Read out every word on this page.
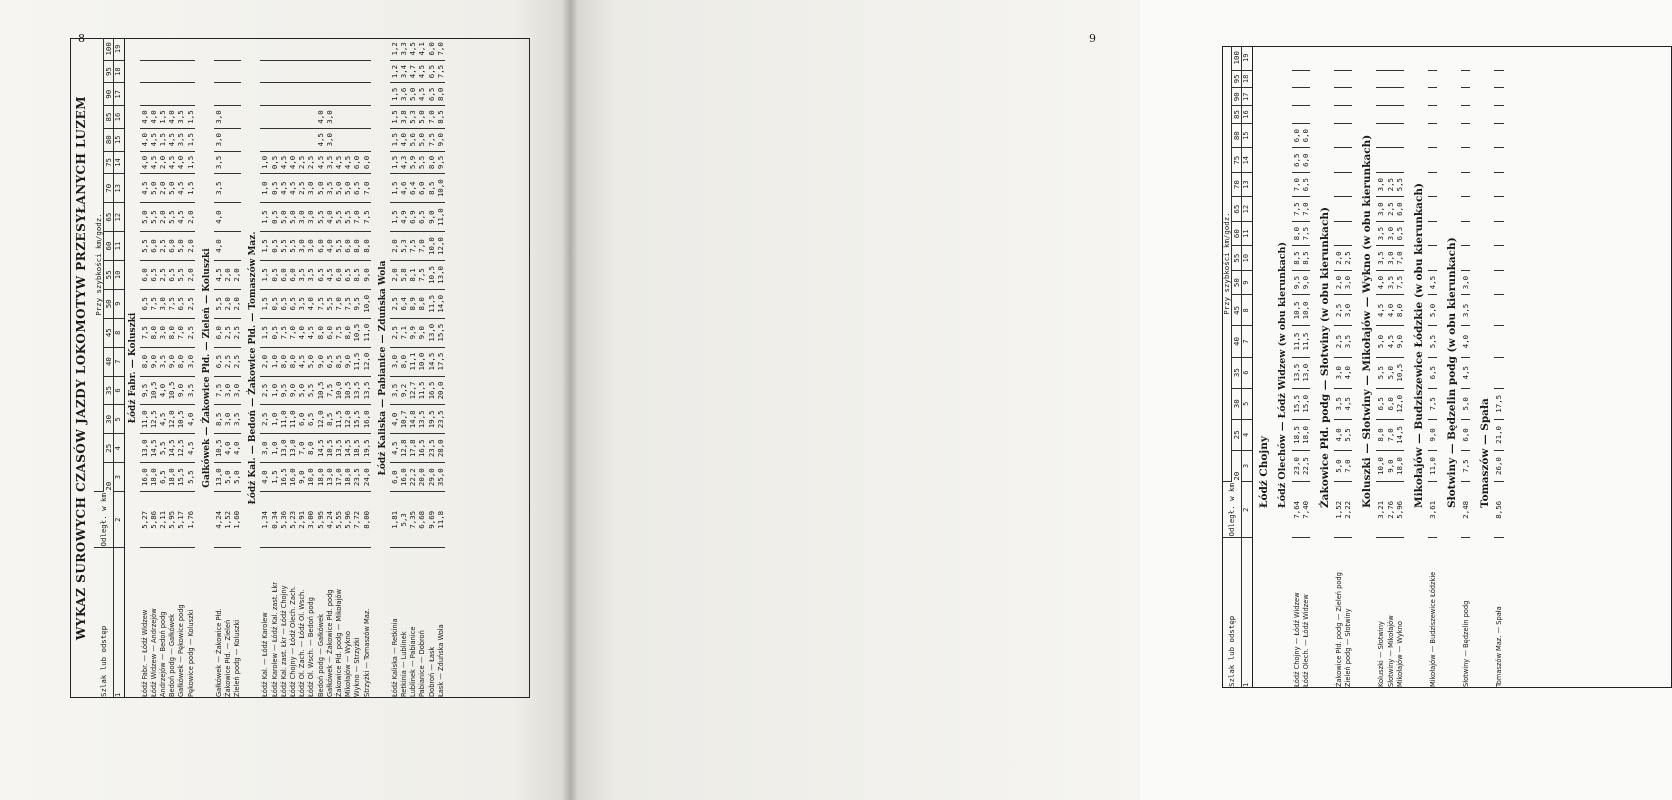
8
WYKAZ SUROWYCH CZASÓW JAZDY LOKOMOTYW PRZESYŁANYCH LUZEM
Szlak lub odstęp	Odległ. w km	Przy szybkości km/godz.																
		20	25	30	35	40	45	50	55	60	65	70	75	80	85	90	95	100
1	2	3	4	5	6	7	8	9	10	11	12	13	14	15	16	17	18	19
Łódź Fabr. — Koluszki																		
Łódź Fabr. — Łódź Widzew	5,27	16,0	13,0	11,0	9,5	8,0	7,5	6,5	6,0	5,5	5,0	4,5	4,0	4,0	4,0			
Łódź Widzew — Andrzejów	5,86	18,0	14,5	12,5	10,5	9,0	8,0	7,5	6,5	6,0	5,5	5,0	4,5	4,5	4,0			
Andrzejów — Bedoń podg	2,11	6,5	5,5	4,5	4,0	3,5	3,0	3,0	2,5	2,5	2,0	2,0	2,0	1,5	1,5			
Bedoń podg — Gałkówek	5,95	18,0	14,5	12,0	10,5	9,0	8,0	7,5	6,5	6,0	5,5	5,0	4,5	4,5	4,0			
Gałkówek — Pękowice podg	5,17	15,5	12,5	10,5	9,0	8,0	7,0	6,5	5,5	5,0	4,5	4,5	4,0	3,5	3,5			
Pękowice podg — Koluszki	1,76	5,5	4,5	4,0	3,5	3,0	2,5	2,5	2,0	2,0	2,0	1,5	1,5	1,5	1,5			

Gałkówek — Żakowice Płd. — Zieleń — Koluszki																		
Gałkówek — Żakowice Płd.	4,24	13,0	10,5	8,5	7,5	6,5	6,0	5,5	4,5	4,0	4,0	3,5	3,5	3,0	3,0			
Żakowice Płd. — Zieleń	1,52	5,0	4,0	3,0	3,0	2,5	2,5	2,0	2,0									
Zieleń podg — Koluszki	1,60	5,0	4,0	3,5	3,0	2,5	2,5	2,0	2,0									

Łódź Kal. — Bedoń — Żakowice Płd. — Tomaszów Maz.																		
Łódź Kal. — Łódź Karolew	1,34	4,0	3,0	2,5	2,5	2,0	1,5	1,5	1,5	1,5	1,5	1,0	1,0					
Łódź Karolew — Łódź Kal. zast. Łkr	0,34	1,5	1,0	1,0	1,0	1,0	0,5	0,5	0,5	0,5	0,5	0,5	0,5					
Łódź Kal. zast. Łkr — Łódź Chojny	5,36	16,5	13,0	11,0	9,5	8,0	7,5	6,5	6,0	5,5	5,0	4,5	4,5					
Łódź Chojny — Łódź Olech. Zach.	5,23	16,0	13,0	11,0	9,0	8,0	7,0	6,5	6,0	5,5	5,0	4,5	4,0					
Łódź Ol. Zach. — Łódź Ol. Wsch.	2,91	9,0	7,0	6,0	5,0	4,5	4,0	3,5	3,5	3,0	3,0	2,5	2,5					
Łódź Ol. Wsch. — Bedoń podg	3,00	10,0	8,0	6,5	5,5	5,0	4,5	4,0	3,5	3,0	3,0	3,0	2,5					
Bedoń podg — Gałkówek	5,95	18,0	14,5	12,0	10,5	9,0	8,0	7,5	6,5	6,0	5,5	5,0	4,5	4,5	4,0			
Gałkówek — Żakowice Płd. podg	4,24	13,0	10,5	8,5	7,5	6,5	6,0	5,5	4,5	4,0	4,0	3,5	3,5	3,0	3,0			
Żakowice Płd. podg — Mikołajów	5,55	17,0	13,5	11,5	10,0	8,5	7,5	7,0	6,0	5,5	5,5	5,0	4,5					
Mikołajów — Wykno	5,96	18,0	14,5	12,0	10,5	9,0	8,0	7,5	6,5	6,0	5,5	5,0	4,5					
Wykno — Strzyżki	7,72	23,5	18,5	15,5	13,5	11,5	10,5	9,5	8,5	8,0	7,0	6,5	6,0					
Strzyżki — Tomaszów Maz.	8,00	24,0	19,5	16,0	13,5	12,0	11,0	10,0	9,0	8,0	7,5	7,0	6,0					

Łódź Kaliska — Pabianice — Zduńska Wola																		
Łódź Kaliska — Retkinia	1,81	6,0	4,5	4,0	3,5	3,0	2,5	2,5	2,0	2,0	1,5	1,5	1,5	1,5	1,5	1,5	1,2	1,2
Retkinia — Lublinek	5,3	16,0	12,8	10,7	9,2	8,0	7,1	6,4	5,8	5,3	4,9	4,6	4,3	4,0	3,8	3,6	3,4	3,3
Lublinek — Pabianice	7,35	22,2	17,8	14,8	12,7	11,1	9,9	8,9	8,1	7,5	6,9	6,4	5,9	5,6	5,3	5,0	4,7	4,5
Pabianice — Dobroń	6,68	20,0	16,5	13,5	11,5	10,0	9,0	8,0	7,5	7,0	6,5	6,0	5,5	5,0	5,0	4,5	4,5	4,1
Dobroń — Łask	9,69	29,0	23,5	19,5	16,5	14,5	13,0	11,5	10,5	10,0	9,0	8,5	8,0	7,5	7,0	6,5	6,5	6,0
Łask — Zduńska Wola	11,8	35,0	28,0	23,5	20,0	17,5	15,5	14,0	13,0	12,0	11,0	10,0	9,5	9,0	8,5	8,0	7,5	7,0

9
Szlak lub odstęp	Odległ. w km	Przy szybkości km/godz.																
		20	25	30	35	40	45	50	55	60	65	70	75	80	85	90	95	100
1	2	3	4	5	6	7	8	9	10	11	12	13	14	15	16	17	18	19
Łódź Chojny																		
Łódź Olechów — Łódź Widzew (w obu kierunkach)																		
Łódź Chojny — Łódź Widzew	7,64	23,0	18,5	15,5	13,5	11,5	10,5	9,5	8,5	8,0	7,5	7,0	6,5	6,0				
Łódź Olech. — Łódź Widzew	7,40	22,5	18,0	15,0	13,0	11,5	10,0	9,0	8,5	7,5	7,0	6,5	6,0	6,0				

Żakowice Płd. podg — Słotwiny (w obu kierunkach)																		
Żakowice Płd. podg — Zieleń podg	1,52	5,0	4,0	3,5	3,0	2,5	2,5	2,0	2,0									
Zieleń podg — Słotwiny	2,22	7,0	5,5	4,5	4,0	3,5	3,0	3,0	2,5									

Koluszki — Słotwiny — Mikołajów — Wykno (w obu kierunkach)																		
Koluszki — Słotwiny	3,21	10,0	8,0	6,5	5,5	5,0	4,5	4,0	3,5	3,5	3,0	3,0						
Słotwiny — Mikołajów	2,76	9,0	7,0	6,0	5,0	4,5	4,0	3,5	3,0	3,0	2,5	2,5						
Mikołajów — Wykno	5,96	18,0	14,5	12,0	10,5	9,0	8,0	7,5	7,0	6,5	6,0	5,5						

Mikołajów — Budziszewice Łódzkie (w obu kierunkach)																		
Mikołajów — Budziszewice Łódzkie	3,61	11,0	9,0	7,5	6,5	5,5	5,0	4,5										

Słotwiny — Będzelin podg (w obu kierunkach)																		
Słotwiny — Będzelin podg	2,48	7,5	6,0	5,0	4,5	4,0	3,5	3,0										

Tomaszów — Spała																		
Tomaszów Maz. — Spała	8,56	26,0	21,0	17,5														
